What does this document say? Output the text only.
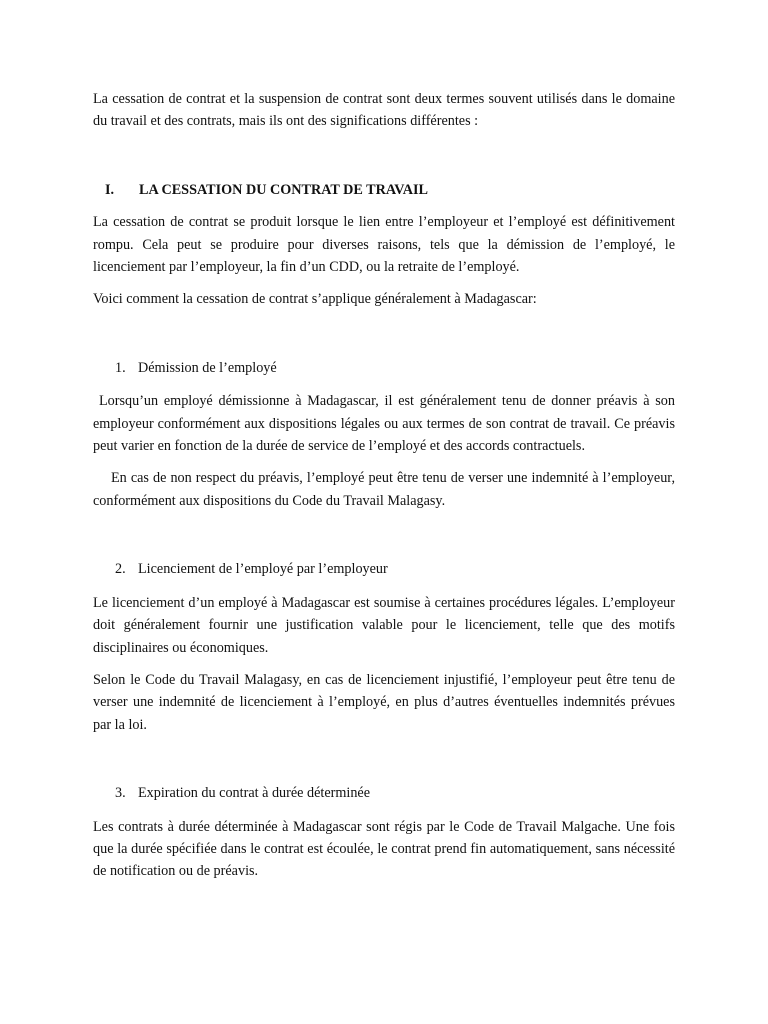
La cessation de contrat et la suspension de contrat sont deux termes souvent utilisés dans le domaine du travail et des contrats, mais ils ont des significations différentes :

I.	LA CESSATION DU CONTRAT DE TRAVAIL

La cessation de contrat se produit lorsque le lien entre l’employeur et l’employé est définitivement rompu. Cela peut se produire pour diverses raisons, tels que la démission de l’employé, le licenciement par l’employeur, la fin d’un CDD, ou la retraite de l’employé.

Voici comment la cessation de contrat s’applique généralement à Madagascar:

1. Démission de l’employé

Lorsqu’un employé démissionne à Madagascar, il est généralement tenu de donner préavis à son employeur conformément aux dispositions légales ou aux termes de son contrat de travail. Ce préavis peut varier en fonction de la durée de service de l’employé et des accords contractuels.

En cas de non respect du préavis, l’employé peut être tenu de verser une indemnité à l’employeur, conformément aux dispositions du Code du Travail Malagasy.

2. Licenciement de l’employé par l’employeur

Le licenciement d’un employé à Madagascar est soumise à certaines procédures légales. L’employeur doit généralement fournir une justification valable pour le licenciement, telle que des motifs disciplinaires ou économiques.

Selon le Code du Travail Malagasy, en cas de licenciement injustifié, l’employeur peut être tenu de verser une indemnité de licenciement à l’employé, en plus d’autres éventuelles indemnités prévues par la loi.

3. Expiration du contrat à durée déterminée

Les contrats à durée déterminée à Madagascar sont régis par le Code de Travail Malgache. Une fois que la durée spécifiée dans le contrat est écoulée, le contrat prend fin automatiquement, sans nécessité de notification ou de préavis.
